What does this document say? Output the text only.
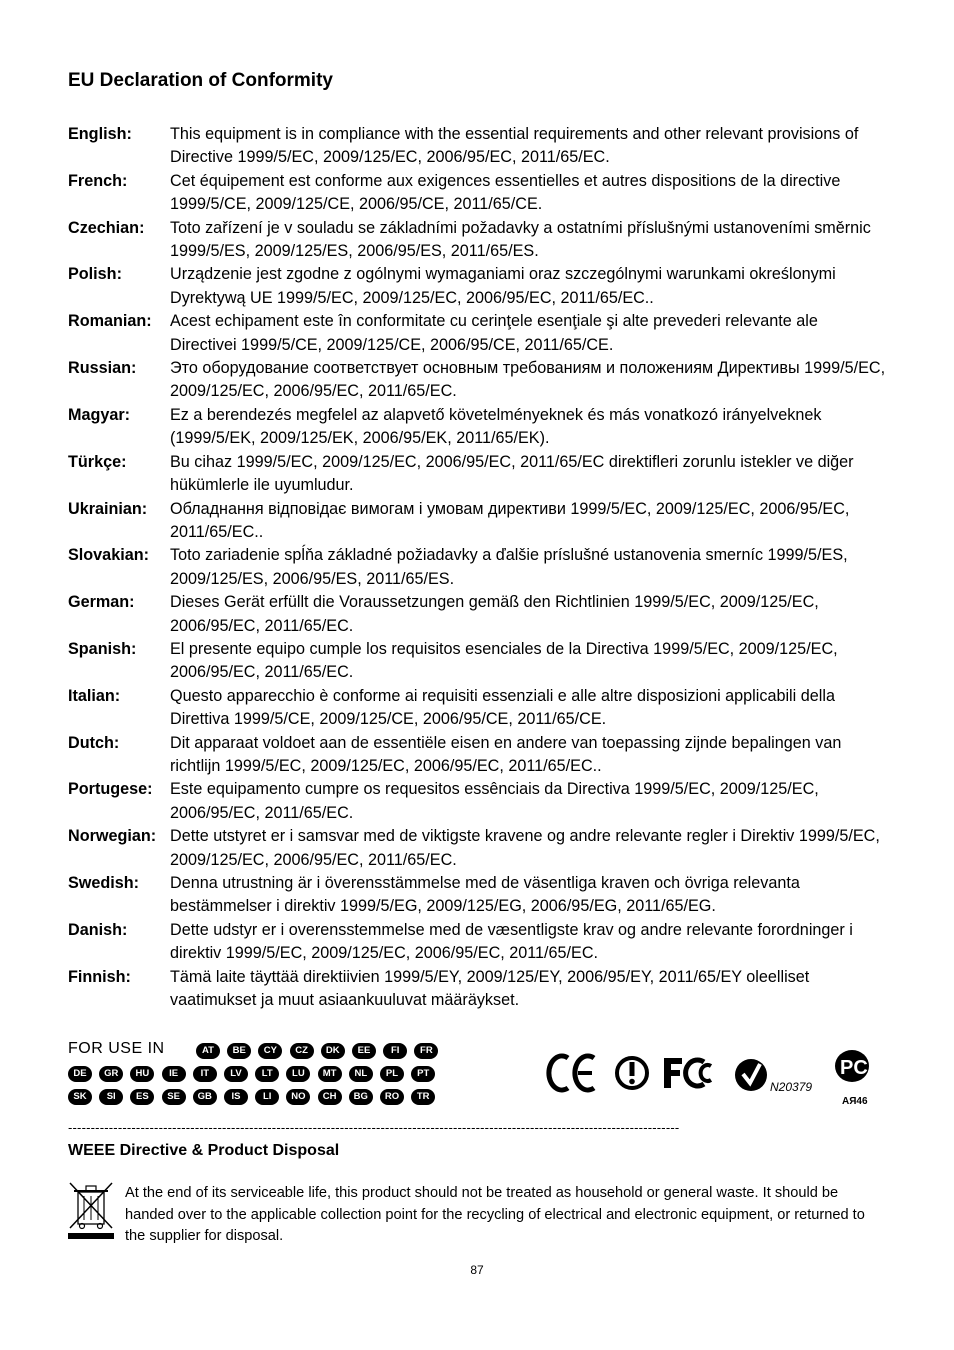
EU Declaration of Conformity
English:	This equipment is in compliance with the essential requirements and other relevant provisions of Directive 1999/5/EC, 2009/125/EC, 2006/95/EC, 2011/65/EC.
French:	Cet équipement est conforme aux exigences essentielles et autres dispositions de la directive 1999/5/CE, 2009/125/CE, 2006/95/CE, 2011/65/CE.
Czechian:	Toto zařízení je v souladu se základními požadavky a ostatními příslušnými ustanoveními směrnic 1999/5/ES, 2009/125/ES, 2006/95/ES, 2011/65/ES.
Polish:	Urządzenie jest zgodne z ogólnymi wymaganiami oraz szczególnymi warunkami określonymi Dyrektywą UE 1999/5/EC, 2009/125/EC, 2006/95/EC, 2011/65/EC..
Romanian:	Acest echipament este în conformitate cu cerinţele esenţiale şi alte prevederi relevante ale Directivei 1999/5/CE, 2009/125/CE, 2006/95/CE, 2011/65/CE.
Russian:	Это оборудование соответствует основным требованиям и положениям Директивы 1999/5/EC, 2009/125/EC, 2006/95/EC, 2011/65/EC.
Magyar:	Ez a berendezés megfelel az alapvető követelményeknek és más vonatkozó irányelveknek (1999/5/EK, 2009/125/EK, 2006/95/EK, 2011/65/EK).
Türkçe:	Bu cihaz 1999/5/EC, 2009/125/EC, 2006/95/EC, 2011/65/EC direktifleri zorunlu istekler ve diğer hükümlerle ile uyumludur.
Ukrainian:	Обладнання відповідає вимогам і умовам директиви 1999/5/EC, 2009/125/EC, 2006/95/EC, 2011/65/EC..
Slovakian:	Toto zariadenie spĺňa základné požiadavky a ďalšie príslušné ustanovenia smerníc 1999/5/ES, 2009/125/ES, 2006/95/ES, 2011/65/ES.
German:	Dieses Gerät erfüllt die Voraussetzungen gemäß den Richtlinien 1999/5/EC, 2009/125/EC, 2006/95/EC, 2011/65/EC.
Spanish:	El presente equipo cumple los requisitos esenciales de la Directiva 1999/5/EC, 2009/125/EC, 2006/95/EC, 2011/65/EC.
Italian:	Questo apparecchio è conforme ai requisiti essenziali e alle altre disposizioni applicabili della Direttiva 1999/5/CE, 2009/125/CE, 2006/95/CE, 2011/65/CE.
Dutch:	Dit apparaat voldoet aan de essentiële eisen en andere van toepassing zijnde bepalingen van richtlijn 1999/5/EC, 2009/125/EC, 2006/95/EC, 2011/65/EC..
Portugese:	Este equipamento cumpre os requesitos essênciais da Directiva 1999/5/EC, 2009/125/EC, 2006/95/EC, 2011/65/EC.
Norwegian: Dette utstyret er i samsvar med de viktigste kravene og andre relevante regler i Direktiv 1999/5/EC, 2009/125/EC, 2006/95/EC, 2011/65/EC.
Swedish:	Denna utrustning är i överensstämmelse med de väsentliga kraven och övriga relevanta bestämmelser i direktiv 1999/5/EG, 2009/125/EG, 2006/95/EG, 2011/65/EG.
Danish:	Dette udstyr er i overensstemmelse med de væsentligste krav og andre relevante forordninger i direktiv 1999/5/EC, 2009/125/EC, 2006/95/EC, 2011/65/EC.
Finnish:	Tämä laite täyttää direktiivien 1999/5/EY, 2009/125/EY, 2006/95/EY, 2011/65/EY oleelliset vaatimukset ja muut asiaankuuluvat määräykset.
FOR USE IN	AT	BE	CY	CZ	DK	EE	FI	FR
DE	GR	HU	IE	IT	LV	LT	LU	MT	NL	PL	PT
SK	SI	ES	SE	GB	IS	LI	NO	CH	BG	RO	TR
N20379
PC
АЯ46
---------------------------------------------------------------------------------------------------------------------------------------
WEEE Directive & Product Disposal
At the end of its serviceable life, this product should not be treated as household or general waste. It should be handed over to the applicable collection point for the recycling of electrical and electronic equipment, or returned to the supplier for disposal.
87
